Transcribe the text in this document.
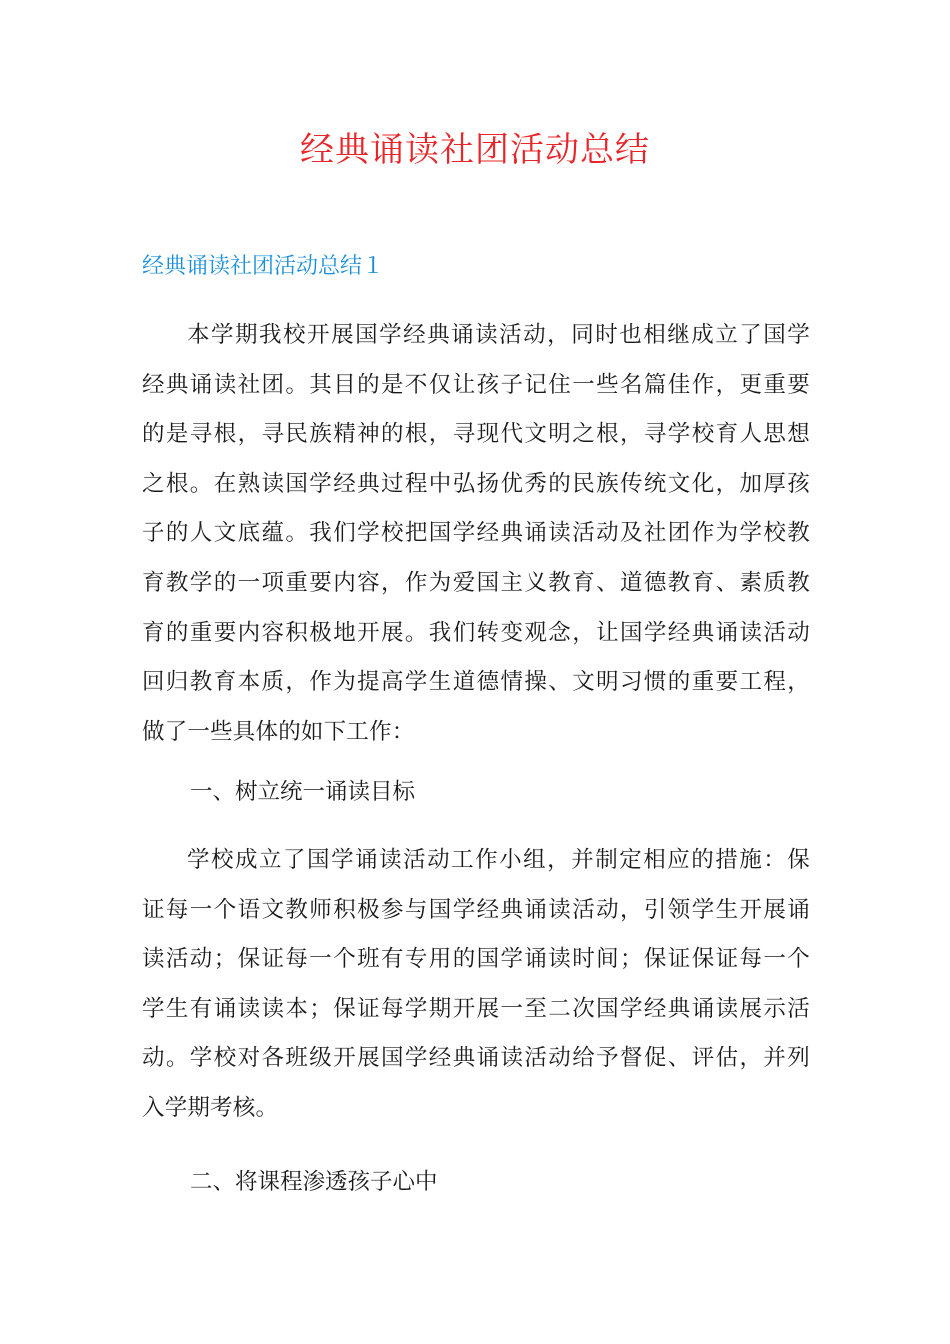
经典诵读社团活动总结
经典诵读社团活动总结１
本学期我校开展国学经典诵读活动，同时也相继成立了国学
经典诵读社团。其目的是不仅让孩子记住一些名篇佳作，更重要
的是寻根，寻民族精神的根，寻现代文明之根，寻学校育人思想
之根。在熟读国学经典过程中弘扬优秀的民族传统文化，加厚孩
子的人文底蕴。我们学校把国学经典诵读活动及社团作为学校教
育教学的一项重要内容，作为爱国主义教育、道德教育、素质教
育的重要内容积极地开展。我们转变观念，让国学经典诵读活动
回归教育本质，作为提高学生道德情操、文明习惯的重要工程，
做了一些具体的如下工作：
一、树立统一诵读目标
学校成立了国学诵读活动工作小组，并制定相应的措施：保
证每一个语文教师积极参与国学经典诵读活动，引领学生开展诵
读活动；保证每一个班有专用的国学诵读时间；保证保证每一个
学生有诵读读本；保证每学期开展一至二次国学经典诵读展示活
动。学校对各班级开展国学经典诵读活动给予督促、评估，并列
入学期考核。
二、将课程渗透孩子心中
